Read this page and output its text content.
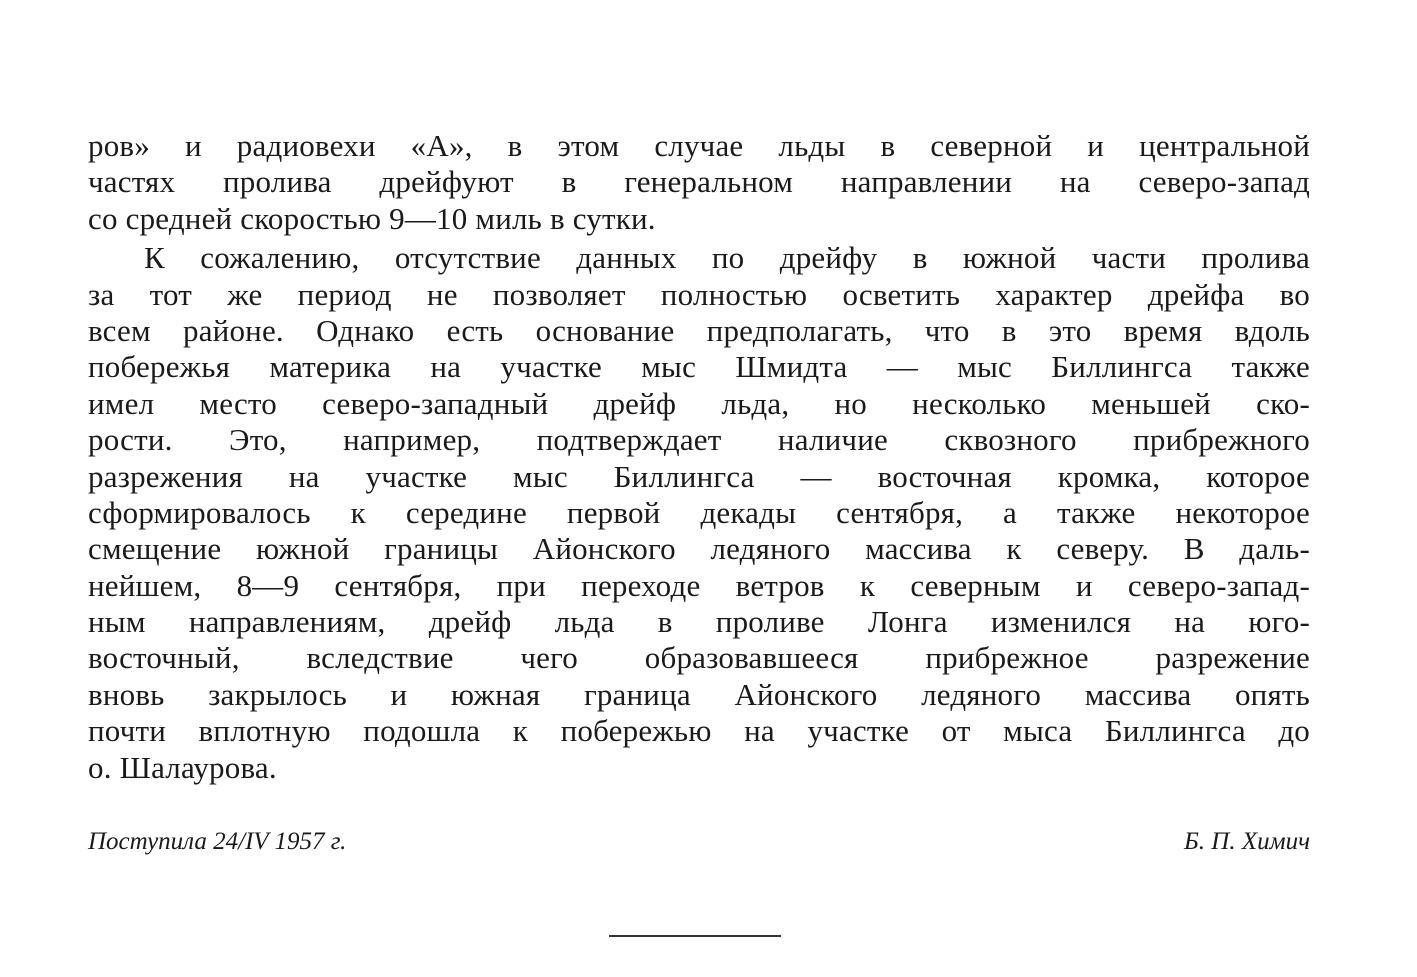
ров» и радиовехи «А», в этом случае льды в северной и центральной
частях пролива дрейфуют в генеральном направлении на северо-запад
со средней скоростью 9—10 миль в сутки.
К сожалению, отсутствие данных по дрейфу в южной части пролива
за тот же период не позволяет полностью осветить характер дрейфа во
всем районе. Однако есть основание предполагать, что в это время вдоль
побережья материка на участке мыс Шмидта — мыс Биллингса также
имел место северо-западный дрейф льда, но несколько меньшей ско-
рости. Это, например, подтверждает наличие сквозного прибрежного
разрежения на участке мыс Биллингса — восточная кромка, которое
сформировалось к середине первой декады сентября, а также некоторое
смещение южной границы Айонского ледяного массива к северу. В даль-
нейшем, 8—9 сентября, при переходе ветров к северным и северо-запад-
ным направлениям, дрейф льда в проливе Лонга изменился на юго-
восточный, вследствие чего образовавшееся прибрежное разрежение
вновь закрылось и южная граница Айонского ледяного массива опять
почти вплотную подошла к побережью на участке от мыса Биллингса до
о. Шалаурова.
Поступила 24/IV 1957 г.	Б. П. Химич
